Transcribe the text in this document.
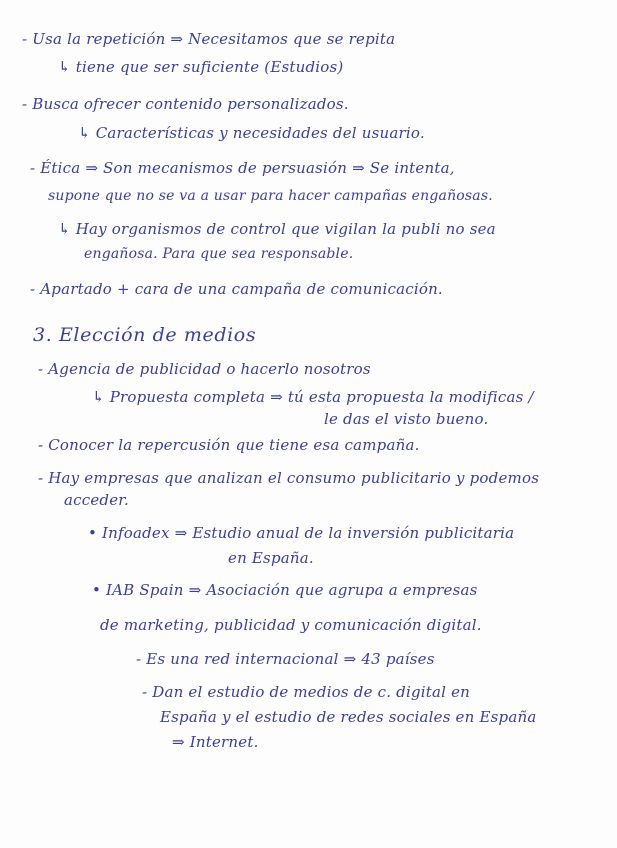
- Usa la repetición ⇒ Necesitamos que se repita
↳ tiene que ser suficiente (Estudios)
- Busca ofrecer contenido personalizados.
↳ Características y necesidades del usuario.
- Ética ⇒ Son mecanismos de persuasión ⇒ Se intenta,
supone que no se va a usar para hacer campañas engañosas.
↳ Hay organismos de control que vigilan la publi no sea
engañosa. Para que sea responsable.
- Apartado + cara de una campaña de comunicación.
3. Elección de medios
- Agencia de publicidad o hacerlo nosotros
↳ Propuesta completa ⇒ tú esta propuesta la modificas /
le das el visto bueno.
- Conocer la repercusión que tiene esa campaña.
- Hay empresas que analizan el consumo publicitario y podemos
acceder.
• Infoadex ⇒ Estudio anual de la inversión publicitaria
en España.
• IAB Spain ⇒ Asociación que agrupa a empresas
de marketing, publicidad y comunicación digital.
- Es una red internacional ⇒ 43 países
- Dan el estudio de medios de c. digital en
España y el estudio de redes sociales en España
⇒ Internet.
